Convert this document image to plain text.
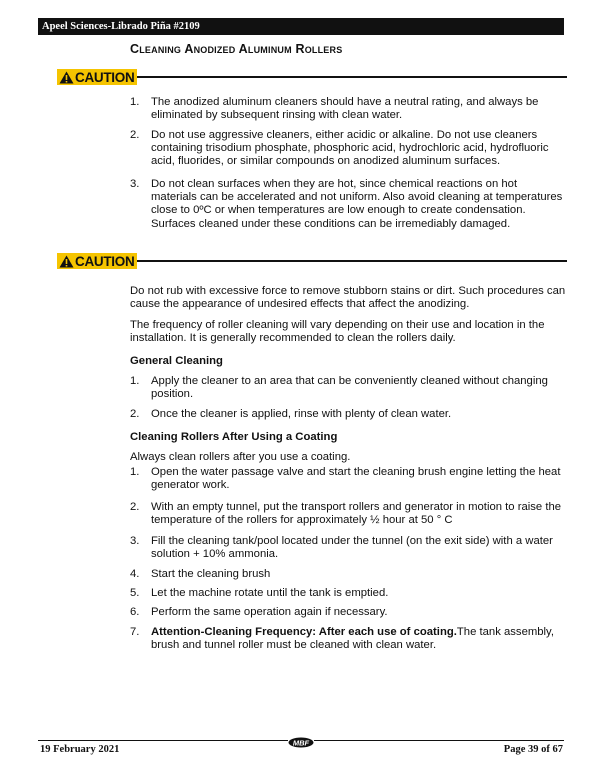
Apeel Sciences-Librado Piña #2109
Cleaning Anodized Aluminum Rollers
CAUTION
1. The anodized aluminum cleaners should have a neutral rating, and always be eliminated by subsequent rinsing with clean water.
2. Do not use aggressive cleaners, either acidic or alkaline. Do not use cleaners containing trisodium phosphate, phosphoric acid, hydrochloric acid, hydrofluoric acid, fluorides, or similar compounds on anodized aluminum surfaces.
3. Do not clean surfaces when they are hot, since chemical reactions on hot materials can be accelerated and not uniform. Also avoid cleaning at temperatures close to 0ºC or when temperatures are low enough to create condensation. Surfaces cleaned under these conditions can be irremediably damaged.
CAUTION
Do not rub with excessive force to remove stubborn stains or dirt. Such procedures can cause the appearance of undesired effects that affect the anodizing.
The frequency of roller cleaning will vary depending on their use and location in the installation. It is generally recommended to clean the rollers daily.
General Cleaning
1. Apply the cleaner to an area that can be conveniently cleaned without changing position.
2. Once the cleaner is applied, rinse with plenty of clean water.
Cleaning Rollers After Using a Coating
Always clean rollers after you use a coating.
1. Open the water passage valve and start the cleaning brush engine letting the heat generator work.
2. With an empty tunnel, put the transport rollers and generator in motion to raise the temperature of the rollers for approximately ½ hour at 50 ° C
3. Fill the cleaning tank/pool located under the tunnel (on the exit side) with a water solution + 10% ammonia.
4. Start the cleaning brush
5. Let the machine rotate until the tank is emptied.
6. Perform the same operation again if necessary.
7. Attention-Cleaning Frequency: After each use of coating.The tank assembly, brush and tunnel roller must be cleaned with clean water.
MBF
19 February 2021	Page 39 of 67
